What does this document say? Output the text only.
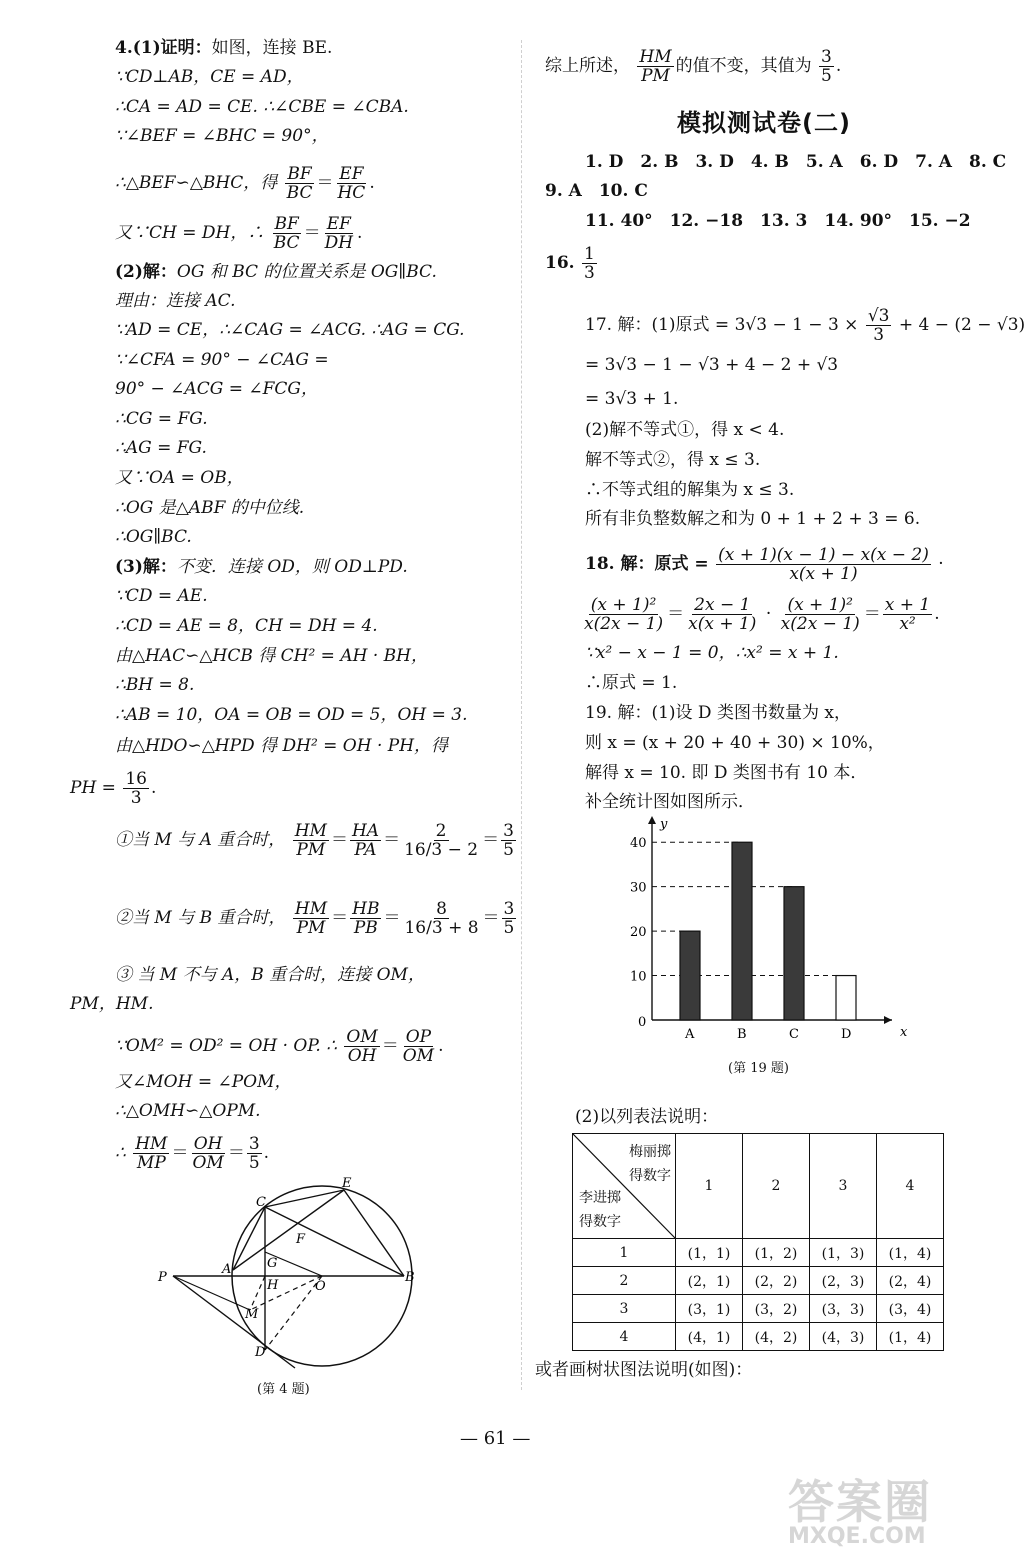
4.(1)证明：如图，连接 BE.
∵CD⊥AB，CE = AD，
∴CA = AD = CE. ∴∠CBE = ∠CBA.
∵∠BEF = ∠BHC = 90°，
∴△BEF∽△BHC，得 $\frac{BF}{BC} = \frac{EF}{HC}$ .
又∵CH = DH，∴ $\frac{BF}{BC} = \frac{EF}{DH}$ .
(2)解：OG 和 BC 的位置关系是 OG∥BC.
理由：连接 AC.
∵AD = CE，∴∠CAG = ∠ACG. ∴AG = CG.
∵∠CFA = 90° − ∠CAG =
90° − ∠ACG = ∠FCG，
∴CG = FG.
∴AG = FG.
又∵OA = OB，
∴OG 是△ABF 的中位线.
∴OG∥BC.
(3)解：不变．连接 OD，则 OD⊥PD.
∵CD = AE.
∴CD = AE = 8，CH = DH = 4.
由△HAC∽△HCB 得 CH² = AH · BH，
∴BH = 8.
∴AB = 10，OA = OB = OD = 5，OH = 3.
由△HDO∽△HPD 得 DH² = OH · PH，得
PH = $\frac{16}{3}$ .
①当 M 与 A 重合时， $\frac{HM}{PM} = \frac{HA}{PA} = \frac{2}{16/3 - 2} = \frac{3}{5}$
②当 M 与 B 重合时， $\frac{HM}{PM} = \frac{HB}{PB} = \frac{8}{16/3 + 8} = \frac{3}{5}$
③ 当 M 不与 A，B 重合时，连接 OM，
PM，HM.
∵OM² = OD² = OH · OP. ∴ $\frac{OM}{OH} = \frac{OP}{OM}$ .
又∠MOH = ∠POM，
∴△OMH∽△OPM.
∴ $\frac{HM}{MP} = \frac{OH}{OM} = \frac{3}{5}$ .
C
E
F
G
A
H
P
O
B
M
D
(第 4 题)
综上所述， $\frac{HM}{PM}$ 的值不变，其值为 $\frac{3}{5}$ .
模拟测试卷(二)
1. D　2. B　3. D　4. B　5. A　6. D　7. A　8. C
9. A　10. C
11. 40°　12. −18　13. 3　14. 90°　15. −2
16. $\frac{1}{3}$
17. 解：(1)原式 = $3√3 - 1 - 3 \times \frac{√3}{3} + 4 - (2 - √3)$
= 3√3 − 1 − √3 + 4 − 2 + √3
= 3√3 + 1.
(2)解不等式①，得 x < 4.
解不等式②，得 x ≤ 3.
∴不等式组的解集为 x ≤ 3.
所有非负整数解之和为 0 + 1 + 2 + 3 = 6.
18. 解：原式 = $\frac{(x + 1)(x - 1) - x(x - 2)}{x(x + 1)}$ ·
$\frac{\text{(x + 1)²}}{x(2x - 1)} = \frac{2x - 1}{x(x + 1)} \cdot \frac{\text{(x + 1)²}}{x(2x - 1)} = \frac{x + 1}{\text{x²}}$ .
∵x² − x − 1 = 0，∴x² = x + 1.
∴原式 = 1.
19. 解：(1)设 D 类图书数量为 x，
则 x = (x + 20 + 40 + 30) × 10%，
解得 x = 10. 即 D 类图书有 10 本．
补全统计图如图所示．
x
y
0
10
20
30
40
A	B	C	D
(第 19 题)
(2)以列表法说明：
梅丽掷
得数字
李进掷
得数字	1	2	3	4
1	(1，1)	(1，2)	(1，3)	(1，4)
2	(2，1)	(2，2)	(2，3)	(2，4)
3	(3，1)	(3，2)	(3，3)	(3，4)
4	(4，1)	(4，2)	(4，3)	(1，4)
或者画树状图法说明(如图)：
— 61 —
答案圈
MXQE.COM
